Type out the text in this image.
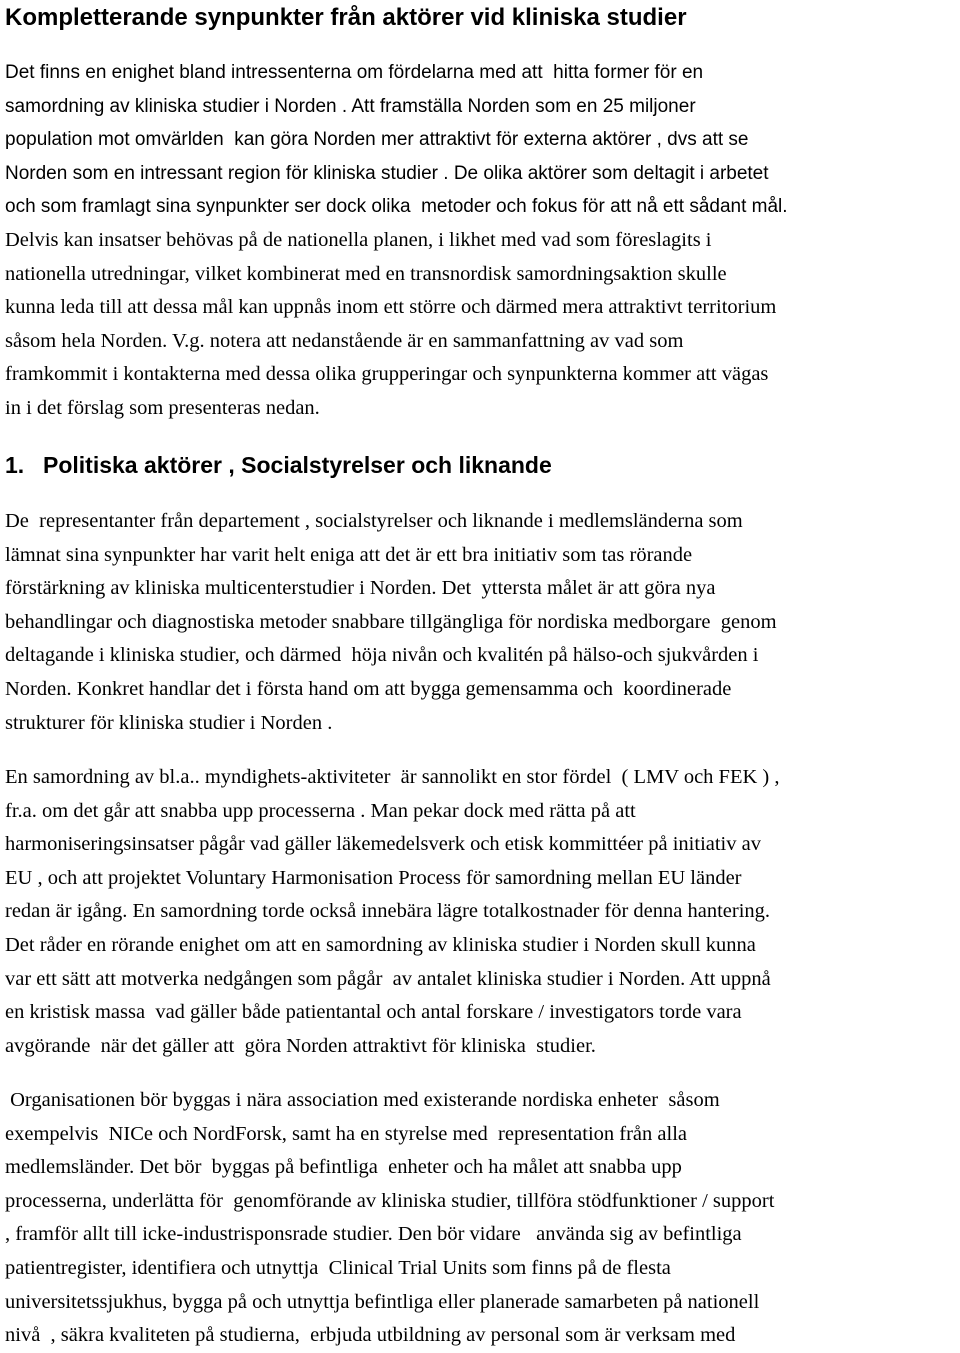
Kompletterande synpunkter från aktörer vid kliniska studier
Det finns en enighet bland intressenterna om fördelarna med att  hitta former för en
samordning av kliniska studier i Norden . Att framställa Norden som en 25 miljoner
population mot omvärlden  kan göra Norden mer attraktivt för externa aktörer , dvs att se
Norden som en intressant region för kliniska studier . De olika aktörer som deltagit i arbetet
och som framlagt sina synpunkter ser dock olika  metoder och fokus för att nå ett sådant mål.
Delvis kan insatser behövas på de nationella planen, i likhet med vad som föreslagits i
nationella utredningar, vilket kombinerat med en transnordisk samordningsaktion skulle
kunna leda till att dessa mål kan uppnås inom ett större och därmed mera attraktivt territorium
såsom hela Norden. V.g. notera att nedanstående är en sammanfattning av vad som
framkommit i kontakterna med dessa olika grupperingar och synpunkterna kommer att vägas
in i det förslag som presenteras nedan.
1. Politiska aktörer , Socialstyrelser och liknande
De  representanter från departement , socialstyrelser och liknande i medlemsländerna som
lämnat sina synpunkter har varit helt eniga att det är ett bra initiativ som tas rörande
förstärkning av kliniska multicenterstudier i Norden. Det  yttersta målet är att göra nya
behandlingar och diagnostiska metoder snabbare tillgängliga för nordiska medborgare  genom
deltagande i kliniska studier, och därmed  höja nivån och kvalitén på hälso-och sjukvården i
Norden. Konkret handlar det i första hand om att bygga gemensamma och  koordinerade
strukturer för kliniska studier i Norden .
En samordning av bl.a.. myndighets-aktiviteter  är sannolikt en stor fördel  ( LMV och FEK ) ,
fr.a. om det går att snabba upp processerna . Man pekar dock med rätta på att
harmoniseringsinsatser pågår vad gäller läkemedelsverk och etisk kommittéer på initiativ av
EU , och att projektet Voluntary Harmonisation Process för samordning mellan EU länder
redan är igång. En samordning torde också innebära lägre totalkostnader för denna hantering.
Det råder en rörande enighet om att en samordning av kliniska studier i Norden skull kunna
var ett sätt att motverka nedgången som pågår  av antalet kliniska studier i Norden. Att uppnå
en kristisk massa  vad gäller både patientantal och antal forskare / investigators torde vara
avgörande  när det gäller att  göra Norden attraktivt för kliniska  studier.
Organisationen bör byggas i nära association med existerande nordiska enheter  såsom
exempelvis  NICe och NordForsk, samt ha en styrelse med  representation från alla
medlemsländer. Det bör  byggas på befintliga  enheter och ha målet att snabba upp
processerna, underlätta för  genomförande av kliniska studier, tillföra stödfunktioner / support
, framför allt till icke-industrisponsrade studier. Den bör vidare   använda sig av befintliga
patientregister, identifiera och utnyttja  Clinical Trial Units som finns på de flesta
universitetssjukhus, bygga på och utnyttja befintliga eller planerade samarbeten på nationell
nivå  , säkra kvaliteten på studierna,  erbjuda utbildning av personal som är verksam med
